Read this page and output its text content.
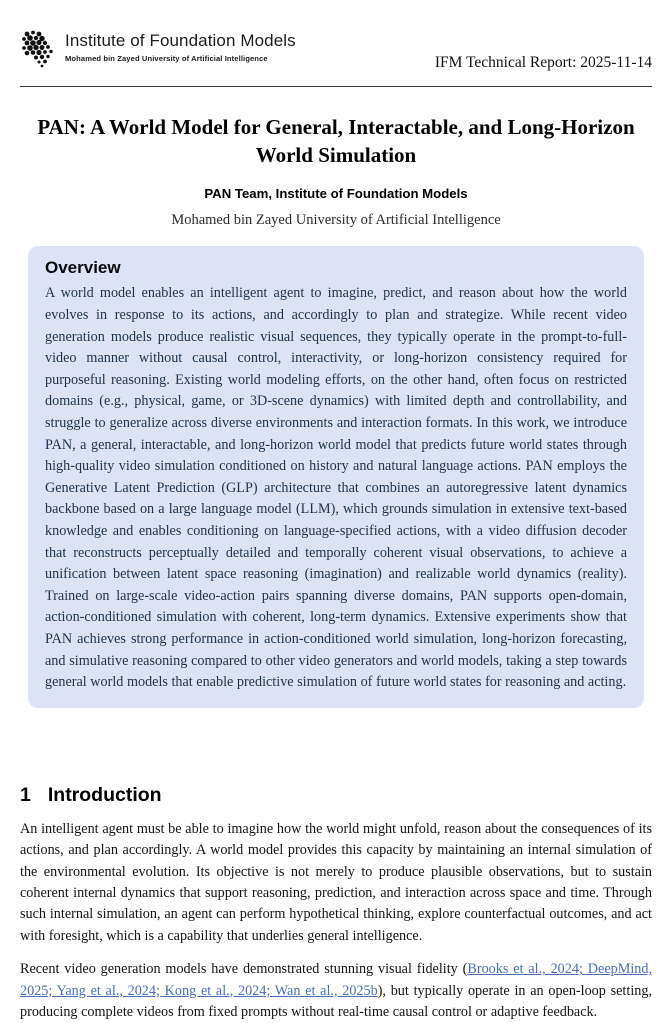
Institute of Foundation Models
Mohamed bin Zayed University of Artificial Intelligence	IFM Technical Report: 2025-11-14
PAN: A World Model for General, Interactable, and Long-Horizon World Simulation
PAN Team, Institute of Foundation Models
Mohamed bin Zayed University of Artificial Intelligence
Overview
A world model enables an intelligent agent to imagine, predict, and reason about how the world evolves in response to its actions, and accordingly to plan and strategize. While recent video generation models produce realistic visual sequences, they typically operate in the prompt-to-full-video manner without causal control, interactivity, or long-horizon consistency required for purposeful reasoning. Existing world modeling efforts, on the other hand, often focus on restricted domains (e.g., physical, game, or 3D-scene dynamics) with limited depth and controllability, and struggle to generalize across diverse environments and interaction formats. In this work, we introduce PAN, a general, interactable, and long-horizon world model that predicts future world states through high-quality video simulation conditioned on history and natural language actions. PAN employs the Generative Latent Prediction (GLP) architecture that combines an autoregressive latent dynamics backbone based on a large language model (LLM), which grounds simulation in extensive text-based knowledge and enables conditioning on language-specified actions, with a video diffusion decoder that reconstructs perceptually detailed and temporally coherent visual observations, to achieve a unification between latent space reasoning (imagination) and realizable world dynamics (reality). Trained on large-scale video-action pairs spanning diverse domains, PAN supports open-domain, action-conditioned simulation with coherent, long-term dynamics. Extensive experiments show that PAN achieves strong performance in action-conditioned world simulation, long-horizon forecasting, and simulative reasoning compared to other video generators and world models, taking a step towards general world models that enable predictive simulation of future world states for reasoning and acting.
1 Introduction

An intelligent agent must be able to imagine how the world might unfold, reason about the consequences of its actions, and plan accordingly. A world model provides this capacity by maintaining an internal simulation of the environmental evolution. Its objective is not merely to produce plausible observations, but to sustain coherent internal dynamics that support reasoning, prediction, and interaction across space and time. Through such internal simulation, an agent can perform hypothetical thinking, explore counterfactual outcomes, and act with foresight, which is a capability that underlies general intelligence.

Recent video generation models have demonstrated stunning visual fidelity (Brooks et al., 2024; DeepMind, 2025; Yang et al., 2024; Kong et al., 2024; Wan et al., 2025b), but typically operate in an open-loop setting, producing complete videos from fixed prompts without real-time causal control or adaptive feedback.
